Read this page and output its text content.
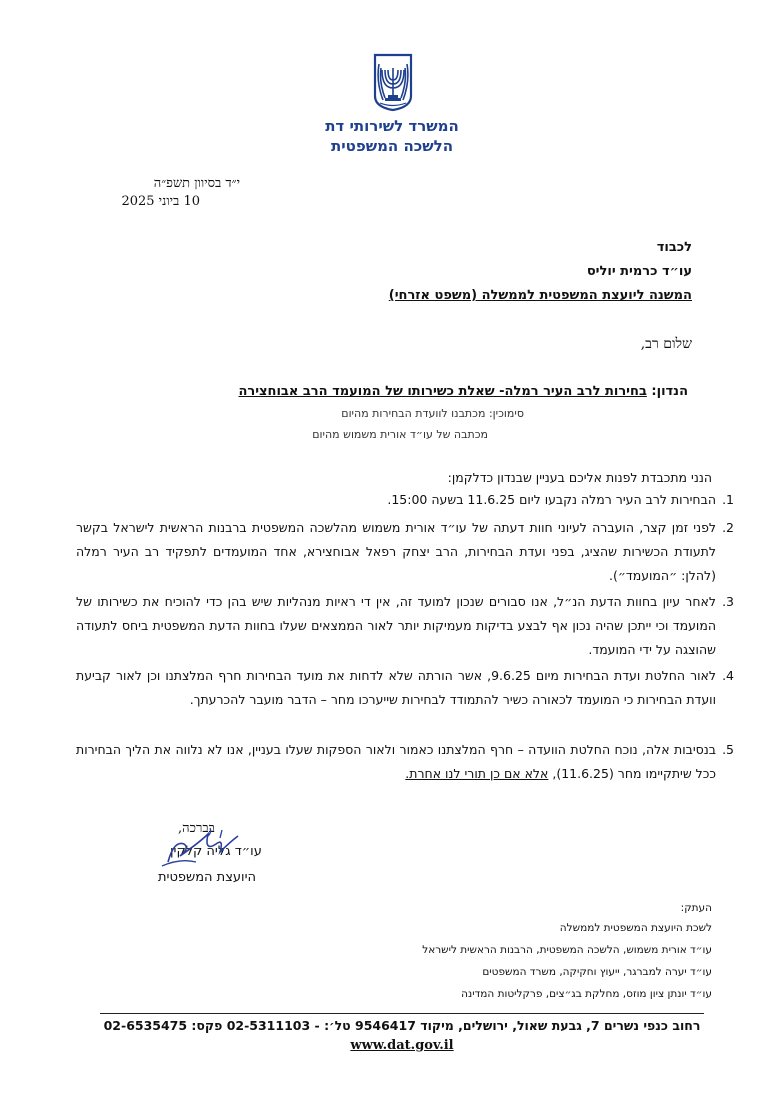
המשרד לשירותי דת
הלשכה המשפטית
י״ד בסיוון תשפ״ה
10 ביוני 2025
לכבוד
עו״ד כרמית יוליס
המשנה ליועצת המשפטית לממשלה (משפט אזרחי)
שלום רב,
הנדון: בחירות לרב העיר רמלה- שאלת כשירותו של המועמד הרב אבוחצירה
סימוכין: מכתבנו לוועדת הבחירות מהיום
מכתבה של עו״ד אורית משמוש מהיום
הנני מתכבדת לפנות אליכם בעניין שבנדון כדלקמן:
1.
הבחירות לרב העיר רמלה נקבעו ליום 11.6.25 בשעה 15:00.
2.
לפני זמן קצר, הועברה לעיוני חוות דעתה של עו״ד אורית משמוש מהלשכה המשפטית ברבנות הראשית לישראל בקשר לתעודת הכשירות שהציג, בפני ועדת הבחירות, הרב יצחק רפאל אבוחצירא, אחד המועמדים לתפקיד רב העיר רמלה (להלן: ״המועמד״).
3.
לאחר עיון בחוות הדעת הנ״ל, אנו סבורים שנכון למועד זה, אין די ראיות מנהליות שיש בהן כדי להוכיח את כשירותו של המועמד וכי ייתכן שהיה נכון אף לבצע בדיקות מעמיקות יותר לאור הממצאים שעלו בחוות הדעת המשפטית ביחס לתעודה שהוצגה על ידי המועמד.
4.
לאור החלטת ועדת הבחירות מיום 9.6.25, אשר הורתה שלא לדחות את מועד הבחירות חרף המלצתנו וכן לאור קביעת וועדת הבחירות כי המועמד לכאורה כשיר להתמודד לבחירות שייערכו מחר – הדבר מועבר להכרעתך.
5.
בנסיבות אלה, נוכח החלטת הוועדה – חרף המלצתנו כאמור ולאור הספקות שעלו בעניין, אנו לא נלווה את הליך הבחירות ככל שיתקיימו מחר (11.6.25), אלא אם כן תורי לנו אחרת.
בברכה,
עו״ד גליה קלקין
היועצת המשפטית
העתק:
לשכת היועצת המשפטית לממשלה
עו״ד אורית משמוש, הלשכה המשפטית, הרבנות הראשית לישראל
עו״ד יערה למברגר, ייעוץ וחקיקה, משרד המשפטים
עו״ד יונתן ציון מוזס, מחלקת בג״צים, פרקליטות המדינה
רחוב כנפי נשרים 7, גבעת שאול, ירושלים, מיקוד 9546417 טל׳: - 02-5311103 פקס: 02-6535475
www.dat.gov.il
